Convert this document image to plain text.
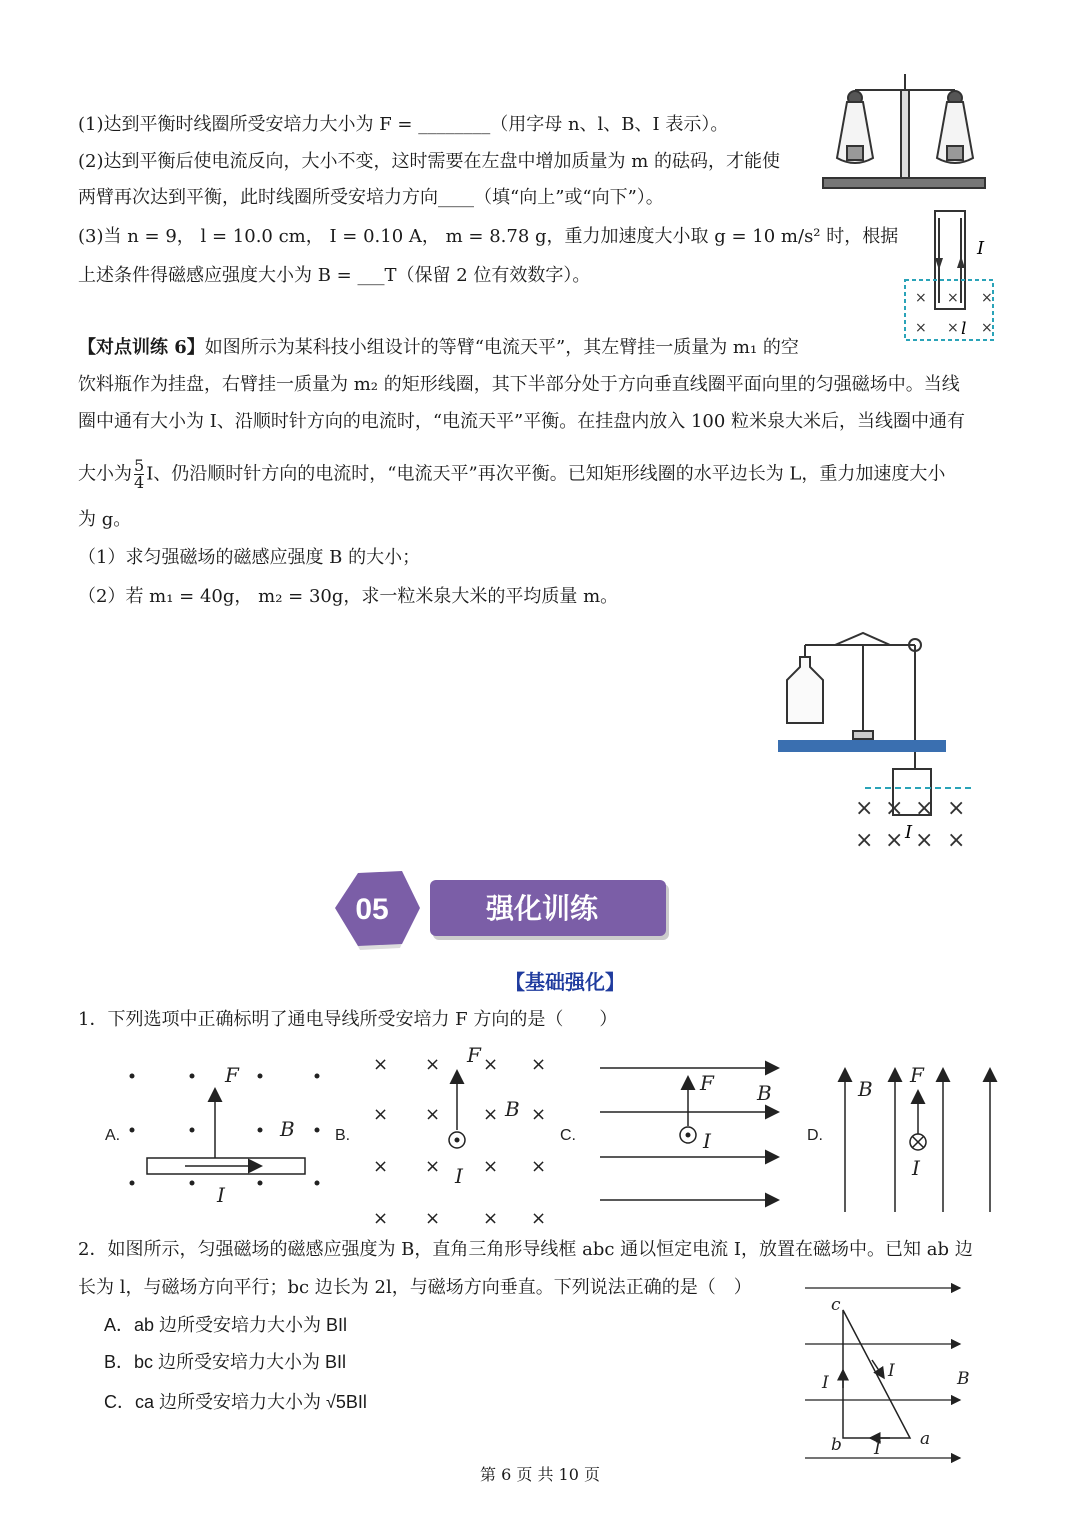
(1)达到平衡时线圈所受安培力大小为 F = ________（用字母 n、l、B、I 表示）。
(2)达到平衡后使电流反向，大小不变，这时需要在左盘中增加质量为 m 的砝码，才能使
两臂再次达到平衡，此时线圈所受安培力方向____（填“向上”或“向下”）。
(3)当 n = 9， l = 10.0 cm， I = 0.10 A， m = 8.78 g，重力加速度大小取 g = 10 m/s² 时，根据
上述条件得磁感应强度大小为 B = ___T（保留 2 位有效数字）。
I
× × ×
× × ×
l
【对点训练 6】如图所示为某科技小组设计的等臂“电流天平”，其左臂挂一质量为 m₁ 的空
饮料瓶作为挂盘，右臂挂一质量为 m₂ 的矩形线圈，其下半部分处于方向垂直线圈平面向里的匀强磁场中。当线
圈中通有大小为 I、沿顺时针方向的电流时，“电流天平”平衡。在挂盘内放入 100 粒米泉大米后，当线圈中通有
大小为 $\frac{5}{4}$ I、仍沿顺时针方向的电流时，“电流天平”再次平衡。已知矩形线圈的水平边长为 L，重力加速度大小
为 g。
（1）求匀强磁场的磁感应强度 B 的大小；
（2）若 m₁ = 40g， m₂ = 30g，求一粒米泉大米的平均质量 m。
× × × ×
× × × ×
I
05	强化训练
【基础强化】
1．下列选项中正确标明了通电导线所受安培力 F 方向的是（　　）
A.	B.	C.	D.
F
B
I
× × × ×
× × × ×
× × × ×
× × × ×
F
B
I
F B
I
B
F
I
2．如图所示，匀强磁场的磁感应强度为 B，直角三角形导线框 abc 通以恒定电流 I，放置在磁场中。已知 ab 边
长为 l，与磁场方向平行；bc 边长为 2l，与磁场方向垂直。下列说法正确的是（　）
A．ab 边所受安培力大小为 BIl
B．bc 边所受安培力大小为 BIl
C．ca 边所受安培力大小为 √5BIl
c
b	a
B
I
I
I
第 6 页 共 10 页
